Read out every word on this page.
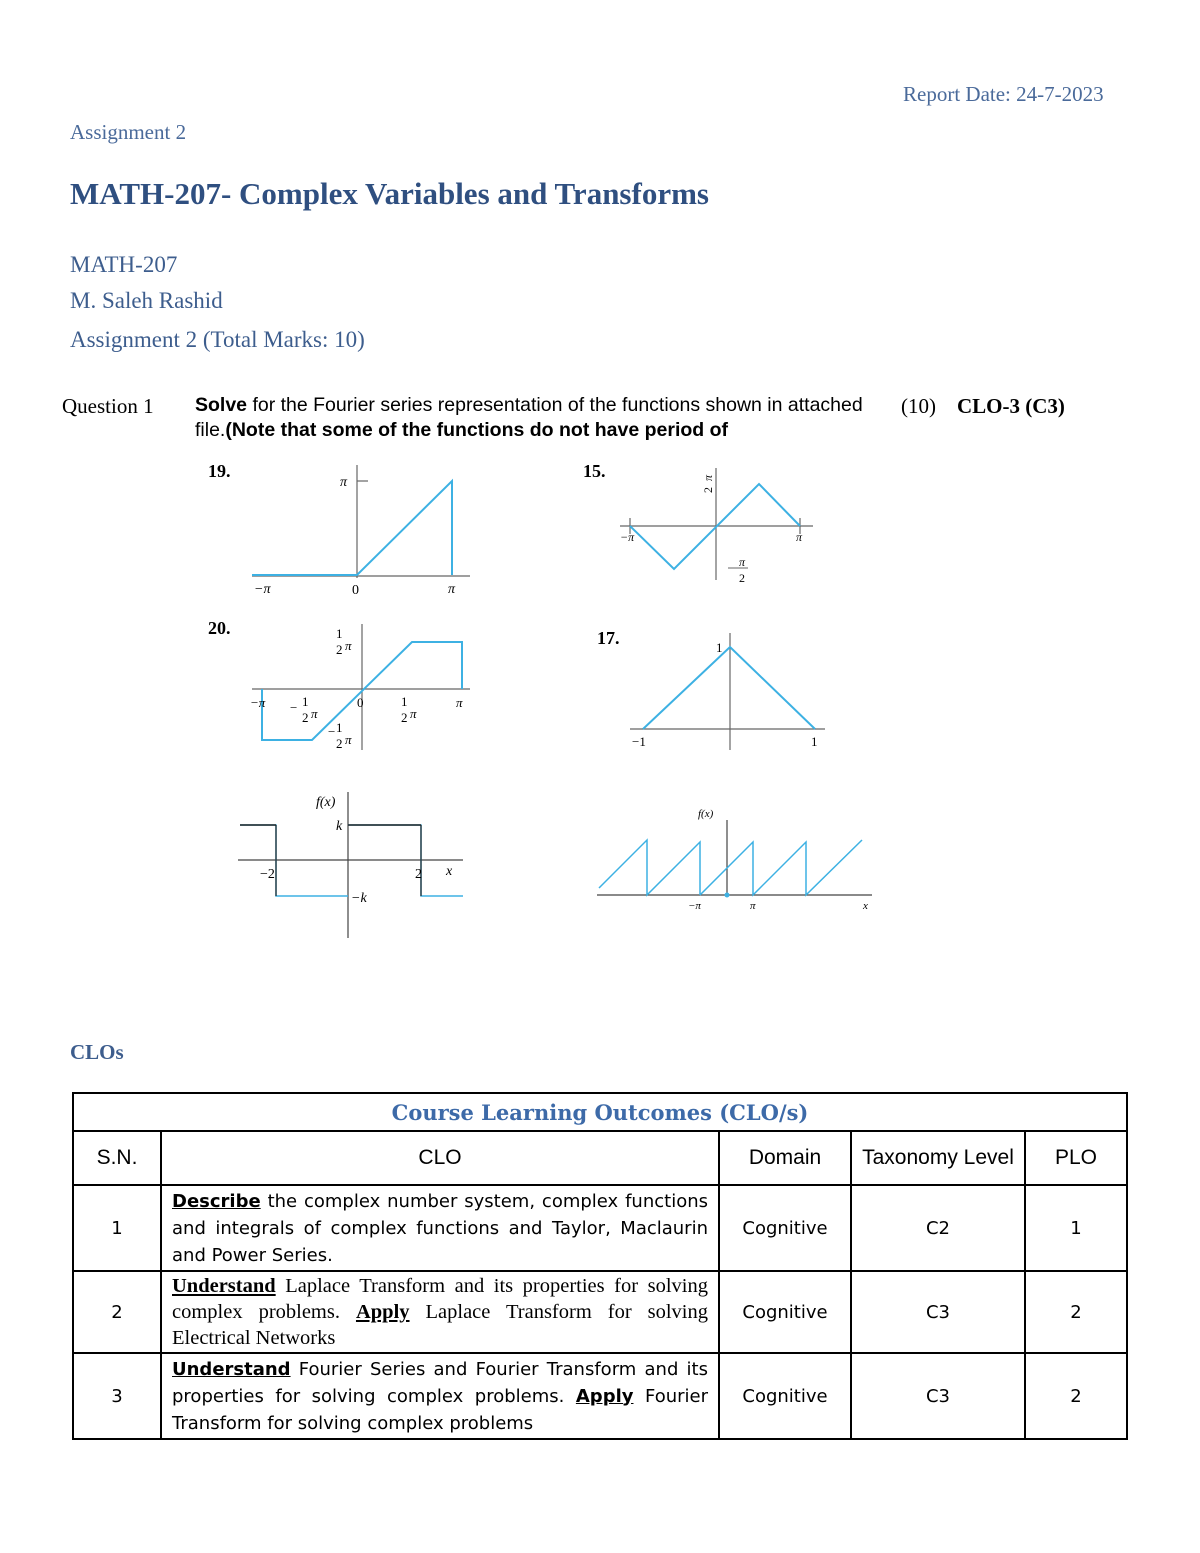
Report Date: 24-7-2023
Assignment 2
MATH-207- Complex Variables and Transforms
MATH-207
M. Saleh Rashid
Assignment 2 (Total Marks: 10)
Question 1 Solve for the Fourier series representation of the functions shown in attached file.(Note that some of the functions do not have period of
(10) CLO-3 (C3)
19.
π
−π	0	π
15.	π
2
−π	π
π
2
20.	1
2 π
−π − 1
2 π
0	1
2 π
π
− 1
2 π
17.	1
−1	1
f(x)
k
−2	2 x
−k
f(x)
−π	π	x
CLOs
Course Learning Outcomes (CLO/s)				
S.N.	CLO	Domain	Taxonomy Level	PLO
1	Describe the complex number system, complex functions and integrals of complex functions and Taylor, Maclaurin and Power Series.	Cognitive	C2	1
2	Understand Laplace Transform and its properties for solving complex problems. Apply Laplace Transform for solving Electrical Networks	Cognitive	C3	2
3	Understand Fourier Series and Fourier Transform and its properties for solving complex problems. Apply Fourier Transform for solving complex problems	Cognitive	C3	2
